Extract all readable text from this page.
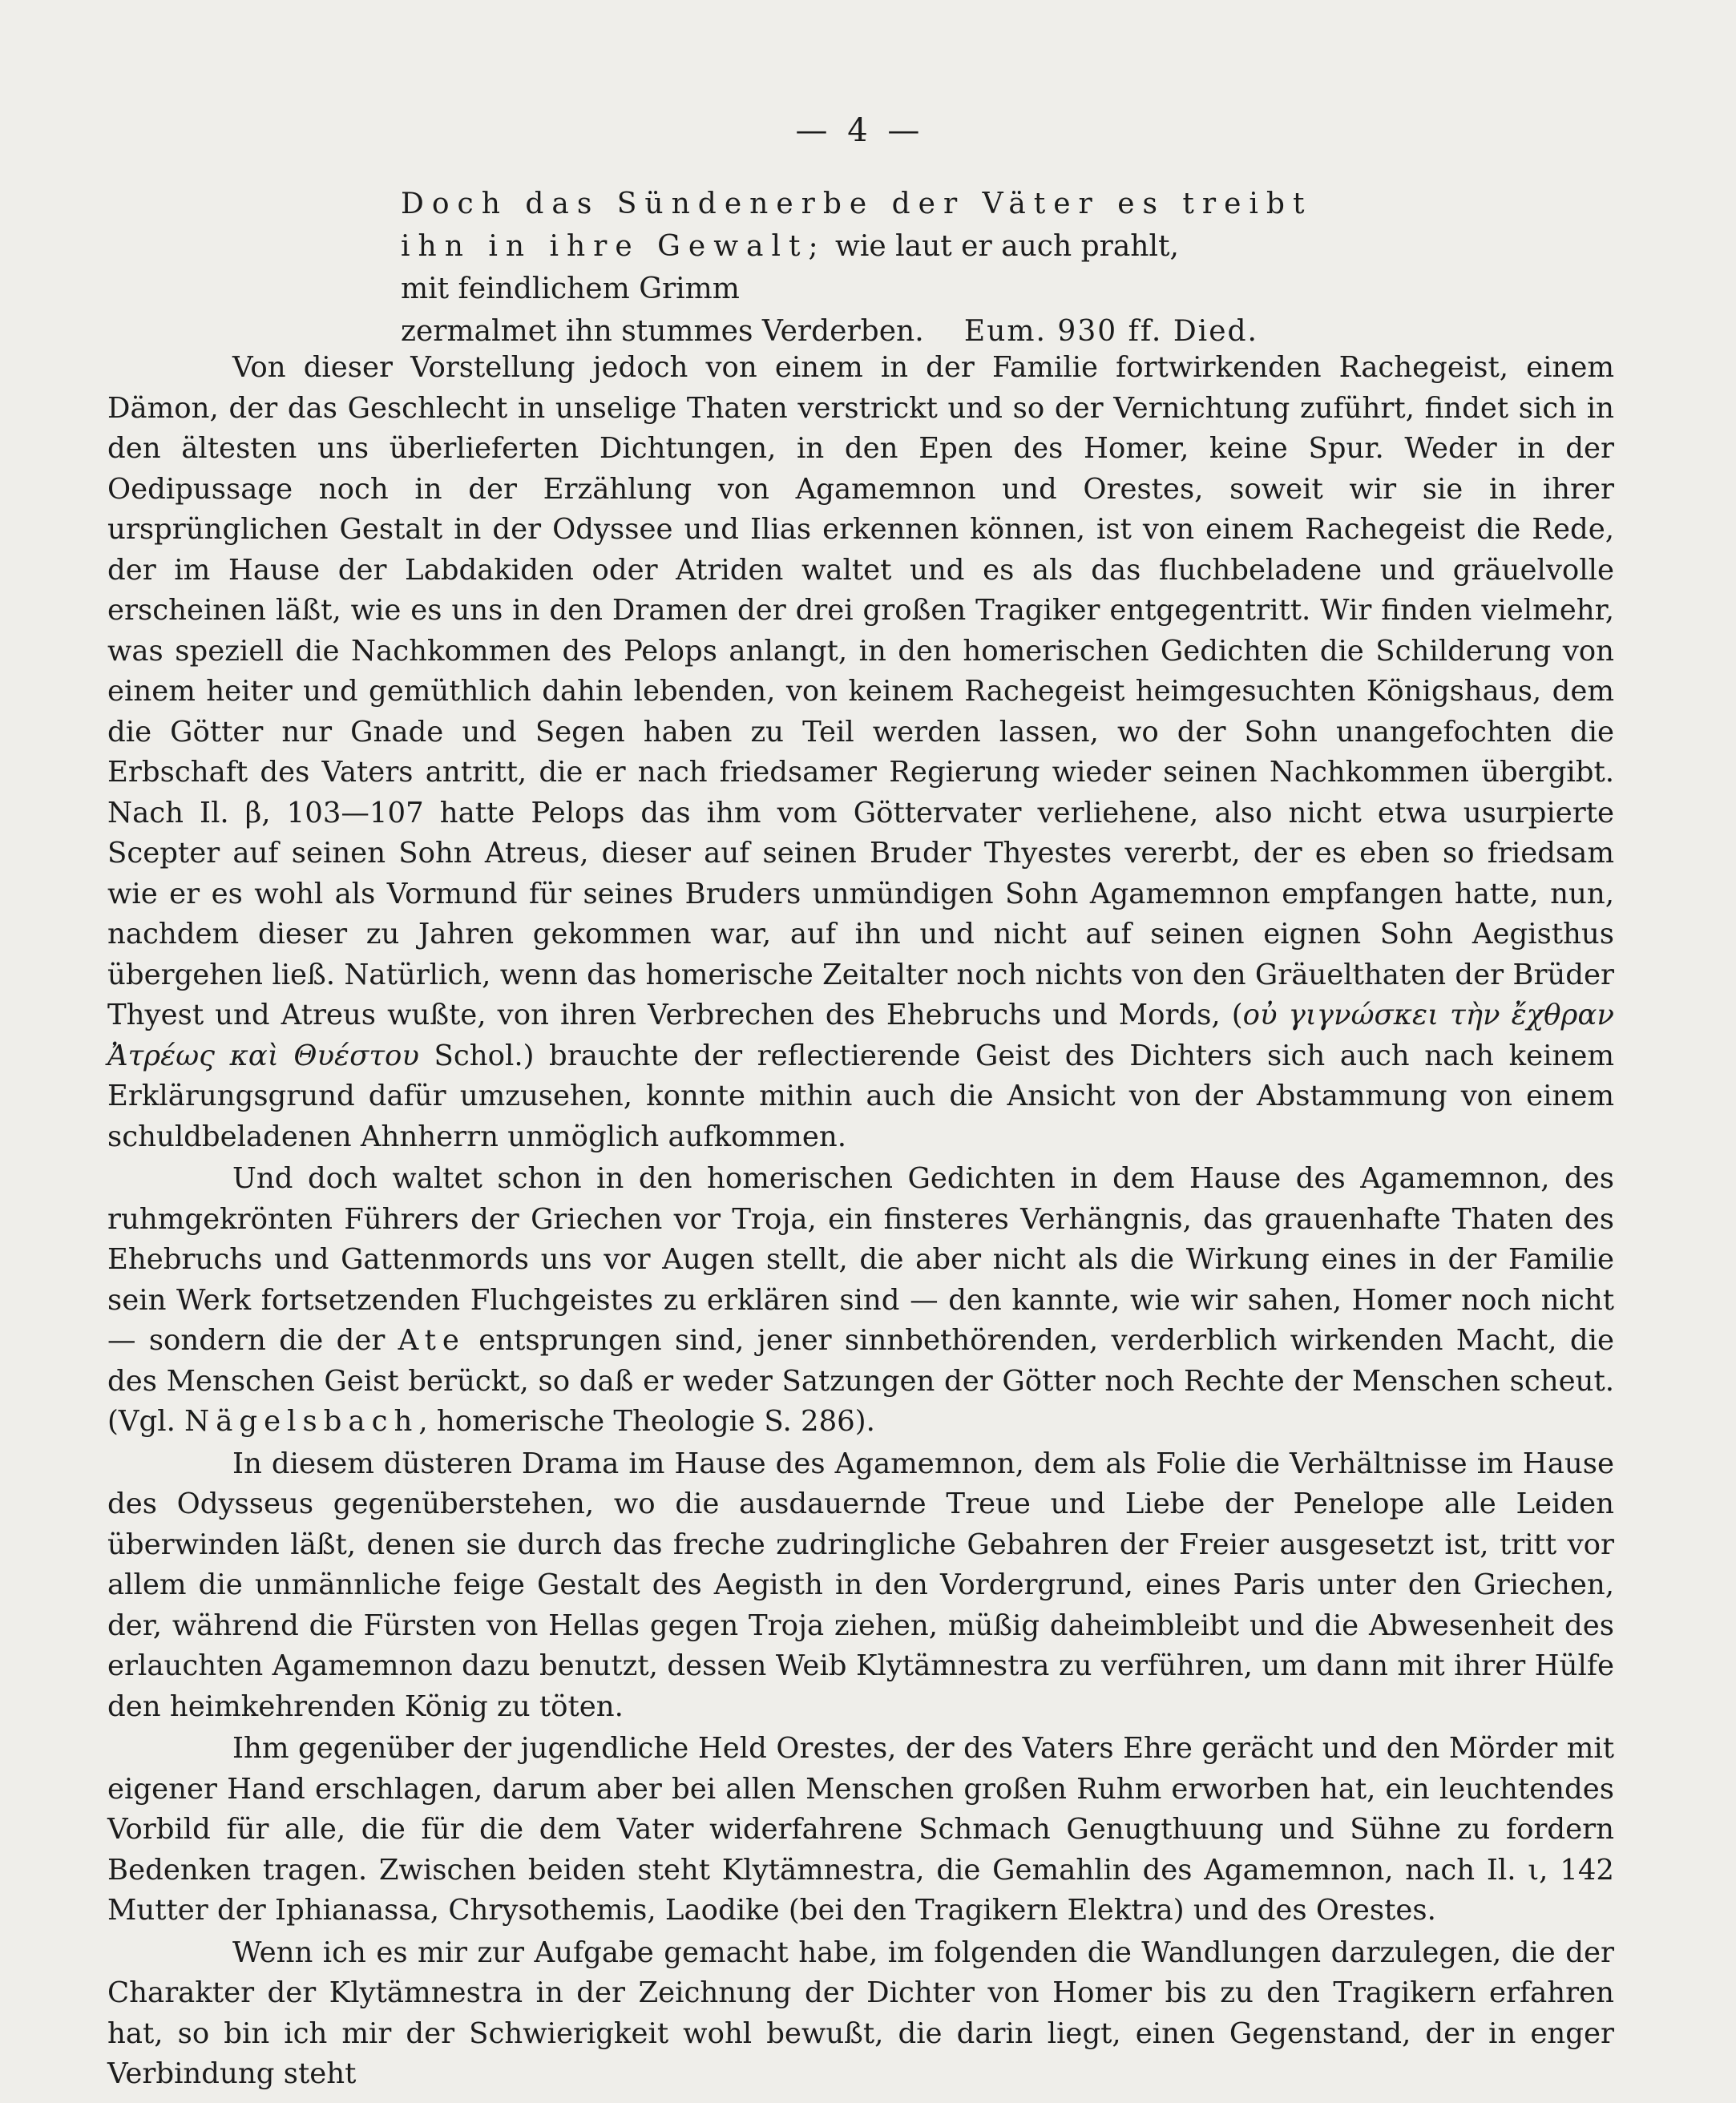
— 4 —
Doch das Sündenerbe der Väter es treibt
ihn in ihre Gewalt; wie laut er auch prahlt,
mit feindlichem Grimm
zermalmet ihn stummes Verderben.	Eum. 930 ff. Died.

Von dieser Vorstellung jedoch von einem in der Familie fortwirkenden Rachegeist, einem Dämon, der das Geschlecht in unselige Thaten verstrickt und so der Vernichtung zuführt, findet sich in den ältesten uns überlieferten Dichtungen, in den Epen des Homer, keine Spur. Weder in der Oedipussage noch in der Erzählung von Agamemnon und Orestes, soweit wir sie in ihrer ursprünglichen Gestalt in der Odyssee und Ilias erkennen können, ist von einem Rachegeist die Rede, der im Hause der Labdakiden oder Atriden waltet und es als das fluchbeladene und gräuelvolle erscheinen läßt, wie es uns in den Dramen der drei großen Tragiker entgegentritt. Wir finden vielmehr, was speziell die Nachkommen des Pelops anlangt, in den homerischen Gedichten die Schilderung von einem heiter und gemüthlich dahin lebenden, von keinem Rachegeist heimgesuchten Königshaus, dem die Götter nur Gnade und Segen haben zu Teil werden lassen, wo der Sohn unangefochten die Erbschaft des Vaters antritt, die er nach friedsamer Regierung wieder seinen Nachkommen übergibt. Nach Il. β, 103—107 hatte Pelops das ihm vom Göttervater verliehene, also nicht etwa usurpierte Scepter auf seinen Sohn Atreus, dieser auf seinen Bruder Thyestes vererbt, der es eben so friedsam wie er es wohl als Vormund für seines Bruders unmündigen Sohn Agamemnon empfangen hatte, nun, nachdem dieser zu Jahren gekommen war, auf ihn und nicht auf seinen eignen Sohn Aegisthus übergehen ließ. Natürlich, wenn das homerische Zeitalter noch nichts von den Gräuelthaten der Brüder Thyest und Atreus wußte, von ihren Verbrechen des Ehebruchs und Mords, (οὐ γιγνώσκει τὴν ἔχθραν Ἀτρέως καὶ Θυέστου Schol.) brauchte der reflectierende Geist des Dichters sich auch nach keinem Erklärungsgrund dafür umzusehen, konnte mithin auch die Ansicht von der Abstammung von einem schuldbeladenen Ahnherrn unmöglich aufkommen.

Und doch waltet schon in den homerischen Gedichten in dem Hause des Agamemnon, des ruhmgekrönten Führers der Griechen vor Troja, ein finsteres Verhängnis, das grauenhafte Thaten des Ehebruchs und Gattenmords uns vor Augen stellt, die aber nicht als die Wirkung eines in der Familie sein Werk fortsetzenden Fluchgeistes zu erklären sind — den kannte, wie wir sahen, Homer noch nicht — sondern die der Ate entsprungen sind, jener sinnbethörenden, verderblich wirkenden Macht, die des Menschen Geist berückt, so daß er weder Satzungen der Götter noch Rechte der Menschen scheut. (Vgl. Nägelsbach, homerische Theologie S. 286).

In diesem düsteren Drama im Hause des Agamemnon, dem als Folie die Verhältnisse im Hause des Odysseus gegenüberstehen, wo die ausdauernde Treue und Liebe der Penelope alle Leiden überwinden läßt, denen sie durch das freche zudringliche Gebahren der Freier ausgesetzt ist, tritt vor allem die unmännliche feige Gestalt des Aegisth in den Vordergrund, eines Paris unter den Griechen, der, während die Fürsten von Hellas gegen Troja ziehen, müßig daheimbleibt und die Abwesenheit des erlauchten Agamemnon dazu benutzt, dessen Weib Klytämnestra zu verführen, um dann mit ihrer Hülfe den heimkehrenden König zu töten.

Ihm gegenüber der jugendliche Held Orestes, der des Vaters Ehre gerächt und den Mörder mit eigener Hand erschlagen, darum aber bei allen Menschen großen Ruhm erworben hat, ein leuchtendes Vorbild für alle, die für die dem Vater widerfahrene Schmach Genugthuung und Sühne zu fordern Bedenken tragen. Zwischen beiden steht Klytämnestra, die Gemahlin des Agamemnon, nach Il. ι, 142 Mutter der Iphianassa, Chrysothemis, Laodike (bei den Tragikern Elektra) und des Orestes.

Wenn ich es mir zur Aufgabe gemacht habe, im folgenden die Wandlungen darzulegen, die der Charakter der Klytämnestra in der Zeichnung der Dichter von Homer bis zu den Tragikern erfahren hat, so bin ich mir der Schwierigkeit wohl bewußt, die darin liegt, einen Gegenstand, der in enger Verbindung steht
